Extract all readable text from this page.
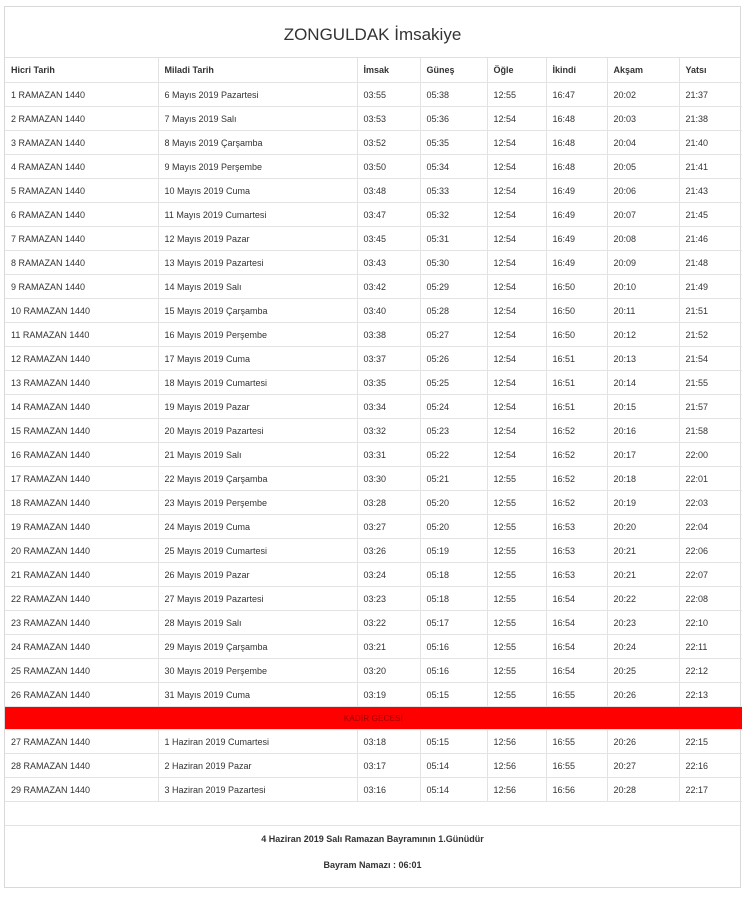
ZONGULDAK İmsakiye
Hicri Tarih	Miladi Tarih	İmsak	Güneş	Öğle	İkindi	Akşam	Yatsı
1 RAMAZAN 1440	6 Mayıs 2019 Pazartesi	03:55	05:38	12:55	16:47	20:02	21:37
2 RAMAZAN 1440	7 Mayıs 2019 Salı	03:53	05:36	12:54	16:48	20:03	21:38
3 RAMAZAN 1440	8 Mayıs 2019 Çarşamba	03:52	05:35	12:54	16:48	20:04	21:40
4 RAMAZAN 1440	9 Mayıs 2019 Perşembe	03:50	05:34	12:54	16:48	20:05	21:41
5 RAMAZAN 1440	10 Mayıs 2019 Cuma	03:48	05:33	12:54	16:49	20:06	21:43
6 RAMAZAN 1440	11 Mayıs 2019 Cumartesi	03:47	05:32	12:54	16:49	20:07	21:45
7 RAMAZAN 1440	12 Mayıs 2019 Pazar	03:45	05:31	12:54	16:49	20:08	21:46
8 RAMAZAN 1440	13 Mayıs 2019 Pazartesi	03:43	05:30	12:54	16:49	20:09	21:48
9 RAMAZAN 1440	14 Mayıs 2019 Salı	03:42	05:29	12:54	16:50	20:10	21:49
10 RAMAZAN 1440	15 Mayıs 2019 Çarşamba	03:40	05:28	12:54	16:50	20:11	21:51
11 RAMAZAN 1440	16 Mayıs 2019 Perşembe	03:38	05:27	12:54	16:50	20:12	21:52
12 RAMAZAN 1440	17 Mayıs 2019 Cuma	03:37	05:26	12:54	16:51	20:13	21:54
13 RAMAZAN 1440	18 Mayıs 2019 Cumartesi	03:35	05:25	12:54	16:51	20:14	21:55
14 RAMAZAN 1440	19 Mayıs 2019 Pazar	03:34	05:24	12:54	16:51	20:15	21:57
15 RAMAZAN 1440	20 Mayıs 2019 Pazartesi	03:32	05:23	12:54	16:52	20:16	21:58
16 RAMAZAN 1440	21 Mayıs 2019 Salı	03:31	05:22	12:54	16:52	20:17	22:00
17 RAMAZAN 1440	22 Mayıs 2019 Çarşamba	03:30	05:21	12:55	16:52	20:18	22:01
18 RAMAZAN 1440	23 Mayıs 2019 Perşembe	03:28	05:20	12:55	16:52	20:19	22:03
19 RAMAZAN 1440	24 Mayıs 2019 Cuma	03:27	05:20	12:55	16:53	20:20	22:04
20 RAMAZAN 1440	25 Mayıs 2019 Cumartesi	03:26	05:19	12:55	16:53	20:21	22:06
21 RAMAZAN 1440	26 Mayıs 2019 Pazar	03:24	05:18	12:55	16:53	20:21	22:07
22 RAMAZAN 1440	27 Mayıs 2019 Pazartesi	03:23	05:18	12:55	16:54	20:22	22:08
23 RAMAZAN 1440	28 Mayıs 2019 Salı	03:22	05:17	12:55	16:54	20:23	22:10
24 RAMAZAN 1440	29 Mayıs 2019 Çarşamba	03:21	05:16	12:55	16:54	20:24	22:11
25 RAMAZAN 1440	30 Mayıs 2019 Perşembe	03:20	05:16	12:55	16:54	20:25	22:12
26 RAMAZAN 1440	31 Mayıs 2019 Cuma	03:19	05:15	12:55	16:55	20:26	22:13
KADİR GECESİ							
27 RAMAZAN 1440	1 Haziran 2019 Cumartesi	03:18	05:15	12:56	16:55	20:26	22:15
28 RAMAZAN 1440	2 Haziran 2019 Pazar	03:17	05:14	12:56	16:55	20:27	22:16
29 RAMAZAN 1440	3 Haziran 2019 Pazartesi	03:16	05:14	12:56	16:56	20:28	22:17
4 Haziran 2019 Salı Ramazan Bayramının 1.Günüdür
Bayram Namazı : 06:01
